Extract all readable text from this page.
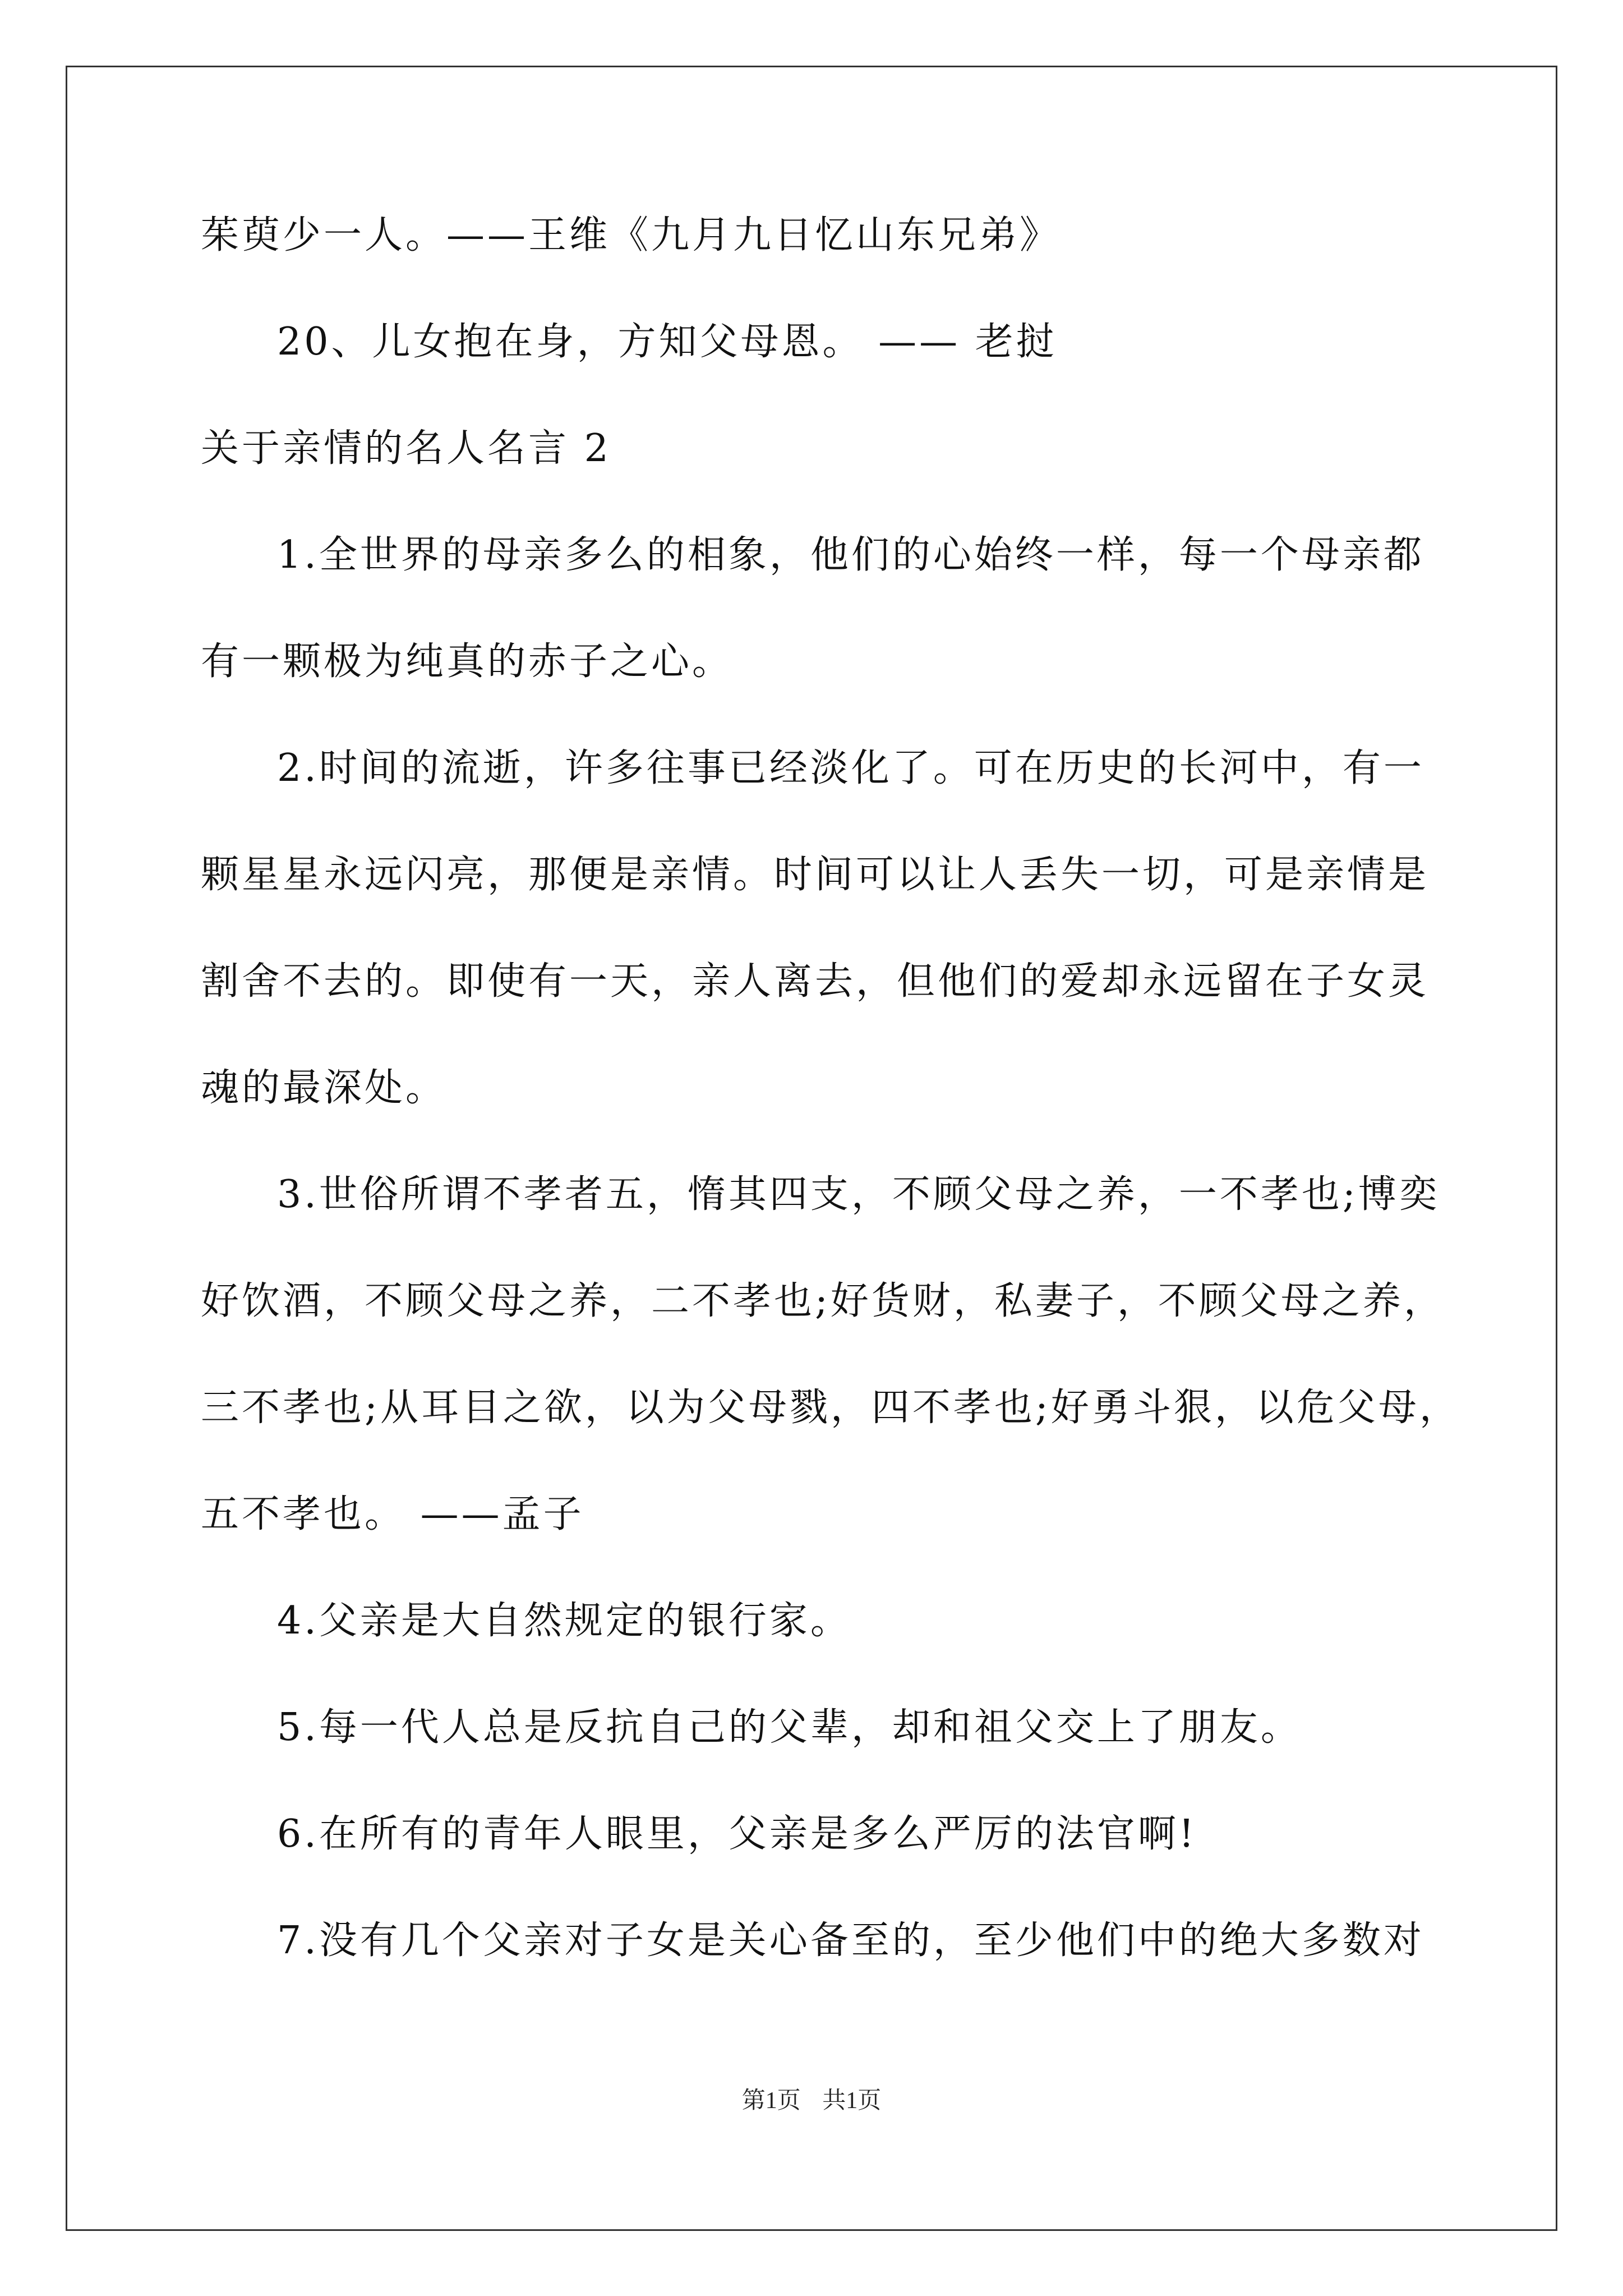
茱萸少一人。——王维《九月九日忆山东兄弟》
20、儿女抱在身，方知父母恩。 —— 老挝
关于亲情的名人名言 2
1.全世界的母亲多么的相象，他们的心始终一样，每一个母亲都
有一颗极为纯真的赤子之心。
2.时间的流逝，许多往事已经淡化了。可在历史的长河中，有一
颗星星永远闪亮，那便是亲情。时间可以让人丢失一切，可是亲情是
割舍不去的。即使有一天，亲人离去，但他们的爱却永远留在子女灵
魂的最深处。
3.世俗所谓不孝者五，惰其四支，不顾父母之养，一不孝也;博奕
好饮酒，不顾父母之养，二不孝也;好货财，私妻子，不顾父母之养，
三不孝也;从耳目之欲，以为父母戮，四不孝也;好勇斗狠，以危父母，
五不孝也。 ——孟子
4.父亲是大自然规定的银行家。
5.每一代人总是反抗自己的父辈，却和祖父交上了朋友。
6.在所有的青年人眼里，父亲是多么严厉的法官啊!
7.没有几个父亲对子女是关心备至的，至少他们中的绝大多数对
第1页 共1页
